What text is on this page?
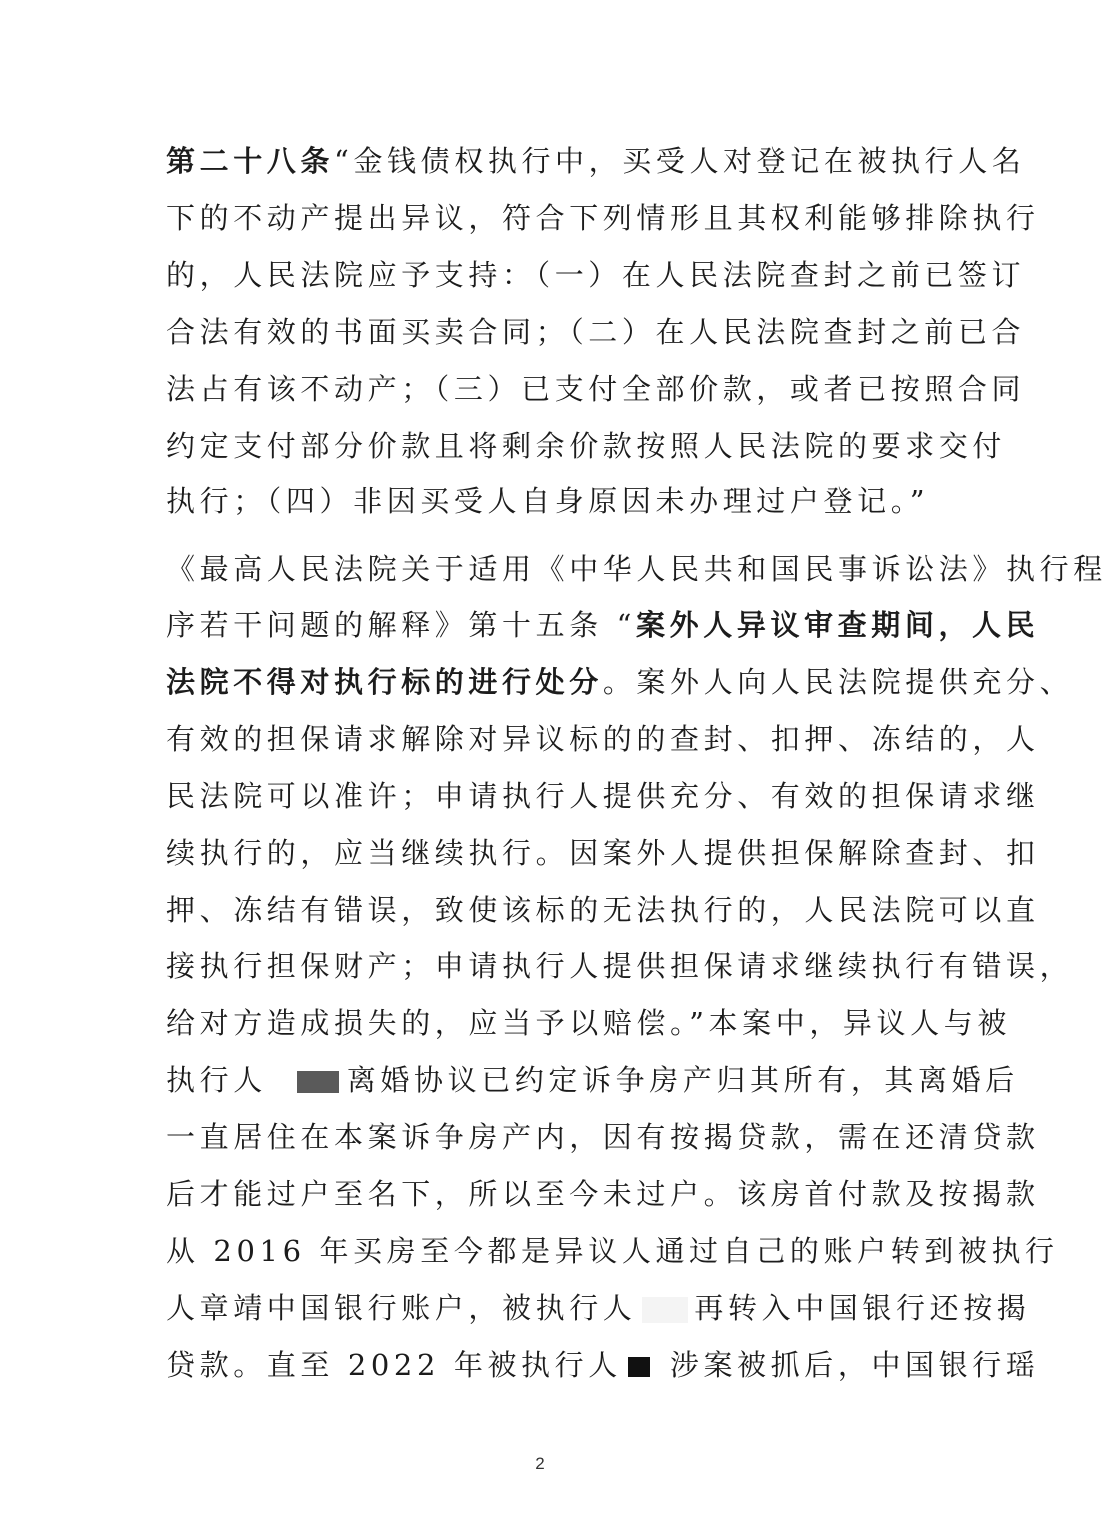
第二十八条“金钱债权执行中，买受人对登记在被执行人名
下的不动产提出异议，符合下列情形且其权利能够排除执行
的，人民法院应予支持：（一）在人民法院查封之前已签订
合法有效的书面买卖合同；（二）在人民法院查封之前已合
法占有该不动产；（三）已支付全部价款，或者已按照合同
约定支付部分价款且将剩余价款按照人民法院的要求交付
执行；（四）非因买受人自身原因未办理过户登记。”
《最高人民法院关于适用《中华人民共和国民事诉讼法》执行程
序若干问题的解释》第十五条 “案外人异议审查期间，人民
法院不得对执行标的进行处分。案外人向人民法院提供充分、
有效的担保请求解除对异议标的的查封、扣押、冻结的，人
民法院可以准许；申请执行人提供充分、有效的担保请求继
续执行的，应当继续执行。因案外人提供担保解除查封、扣
押、冻结有错误，致使该标的无法执行的，人民法院可以直
接执行担保财产；申请执行人提供担保请求继续执行有错误，
给对方造成损失的，应当予以赔偿。”本案中，异议人与被
执行人	离婚协议已约定诉争房产归其所有，其离婚后
一直居住在本案诉争房产内，因有按揭贷款，需在还清贷款
后才能过户至名下，所以至今未过户。该房首付款及按揭款
从 2016 年买房至今都是异议人通过自己的账户转到被执行
人章靖中国银行账户，被执行人 再转入中国银行还按揭
贷款。直至 2022 年被执行人 涉案被抓后，中国银行瑶
2
